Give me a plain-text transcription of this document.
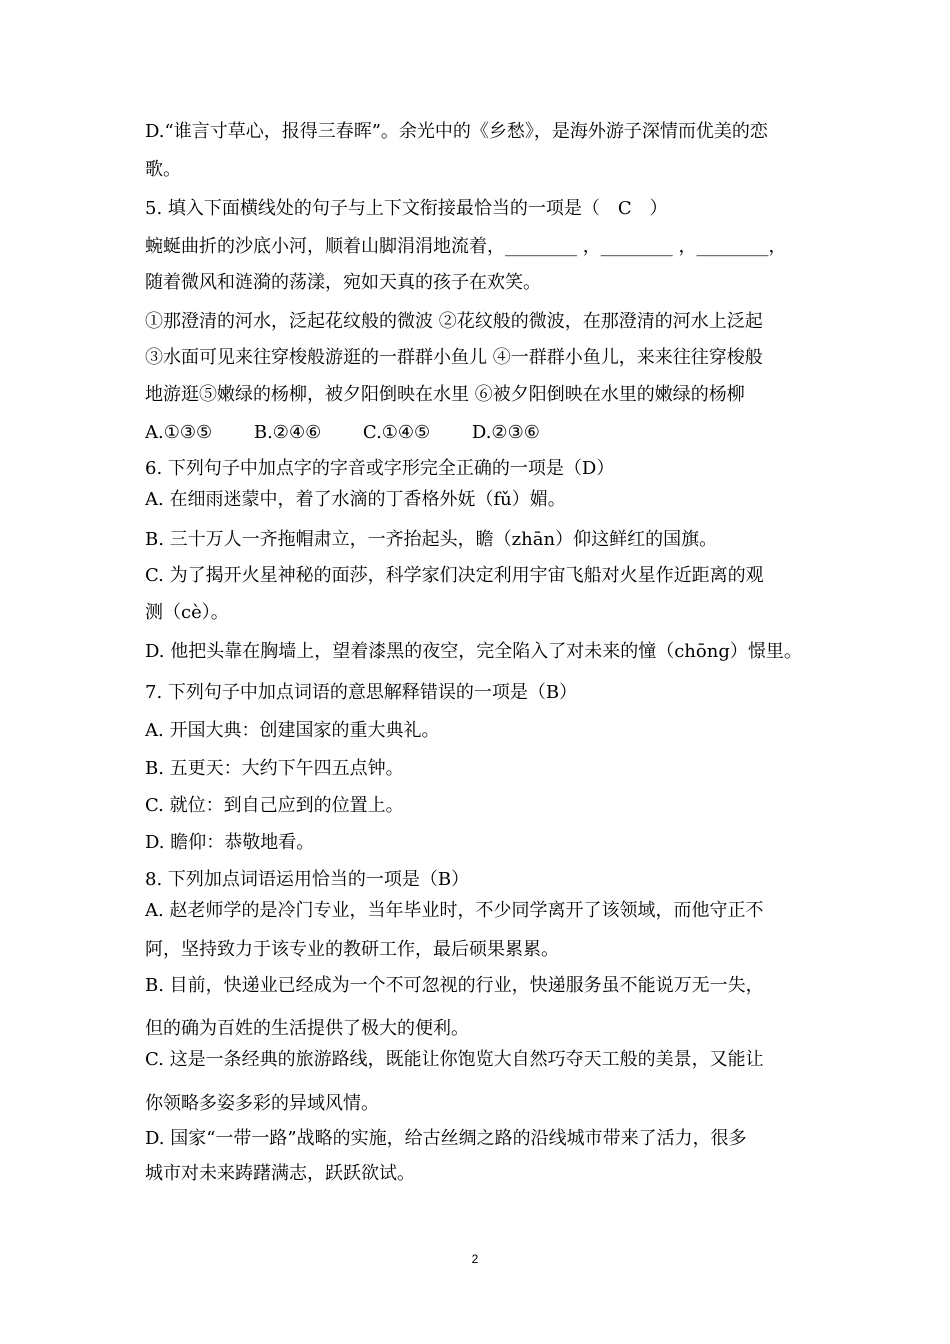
D.“谁言寸草心，报得三春晖”。余光中的《乡愁》，是海外游子深情而优美的恋
歌。
5. 填入下面横线处的句子与上下文衔接最恰当的一项是（　C　）
蜿蜒曲折的沙底小河，顺着山脚涓涓地流着，________ ，________ ，________，
随着微风和涟漪的荡漾，宛如天真的孩子在欢笑。
①那澄清的河水，泛起花纹般的微波 ②花纹般的微波，在那澄清的河水上泛起
③水面可见来往穿梭般游逛的一群群小鱼儿 ④一群群小鱼儿，来来往往穿梭般
地游逛⑤嫩绿的杨柳，被夕阳倒映在水里 ⑥被夕阳倒映在水里的嫩绿的杨柳
A.①③⑤　　 B.②④⑥　　 C.①④⑤　　 D.②③⑥
6. 下列句子中加点字的字音或字形完全正确的一项是（D）
A. 在细雨迷蒙中，着了水滴的丁香格外妩（fǔ）媚。
B. 三十万人一齐拖帽肃立，一齐抬起头，瞻（zhān）仰这鲜红的国旗。
C. 为了揭开火星神秘的面莎，科学家们决定利用宇宙飞船对火星作近距离的观
测（cè）。
D. 他把头靠在胸墙上，望着漆黑的夜空，完全陷入了对未来的憧（chōng）憬里。
7. 下列句子中加点词语的意思解释错误的一项是（B）
A. 开国大典：创建国家的重大典礼。
B. 五更天：大约下午四五点钟。
C. 就位：到自己应到的位置上。
D. 瞻仰：恭敬地看。
8. 下列加点词语运用恰当的一项是（B）
A. 赵老师学的是冷门专业，当年毕业时，不少同学离开了该领域，而他守正不
阿，坚持致力于该专业的教研工作，最后硕果累累。
B. 目前，快递业已经成为一个不可忽视的行业，快递服务虽不能说万无一失，
但的确为百姓的生活提供了极大的便利。
C. 这是一条经典的旅游路线，既能让你饱览大自然巧夺天工般的美景，又能让
你领略多姿多彩的异域风情。
D. 国家“一带一路”战略的实施，给古丝绸之路的沿线城市带来了活力，很多
城市对未来踌躇满志，跃跃欲试。
2
